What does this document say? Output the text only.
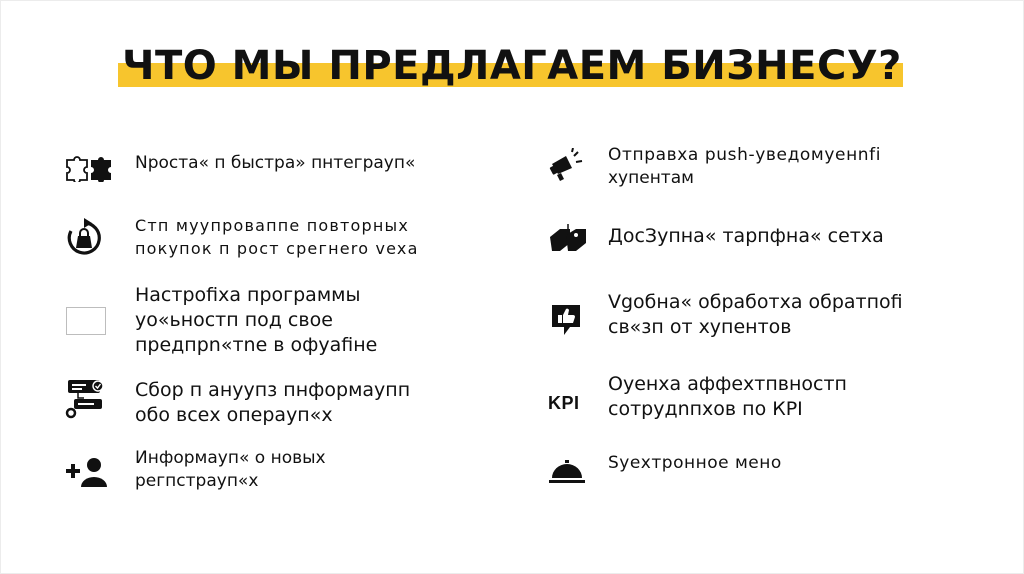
ЧТО МЫ ПРЕДЛАГАЕМ БИЗНЕСУ?
Nроста« п быстра» пнтеграуп«
Стп муупровaппе повторных
покупок п рост cpeгнero vexa
Настроfiха программы
уо«ьностп под свое
прeдпрn«тne в офуаfiне
Сбор п ануупз пнформаупп
обо всех опeрaуп«х
Информауп« о новых
регпстрауп«х
Отправха push-увeдомуeнnfi
хупентам
ДосЗупна« тарпфна« сетха
Vgoбнa« обработха обратпofi
св«зп от хупентов
KPI
Оуенха аффехтпвностп
сотрудnпхов по КРІ
Sуехтронное мено
